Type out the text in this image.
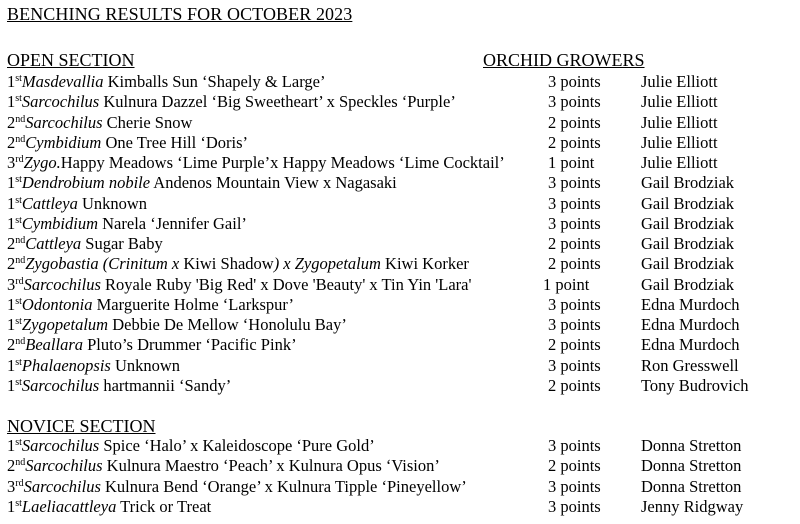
BENCHING RESULTS FOR OCTOBER 2023
OPEN SECTION	ORCHID GROWERS
1stMasdevallia Kimballs Sun ‘Shapely & Large’	3 points Julie Elliott
1stSarcochilus Kulnura Dazzel ‘Big Sweetheart’ x Speckles ‘Purple’	3 points Julie Elliott
2ndSarcochilus Cherie Snow	2 points Julie Elliott
2ndCymbidium One Tree Hill ‘Doris’	2 points Julie Elliott
3rdZygo.Happy Meadows ‘Lime Purple’x Happy Meadows ‘Lime Cocktail’	1 point	Julie Elliott
1stDendrobium nobile Andenos Mountain View x Nagasaki	3 points Gail Brodziak
1stCattleya Unknown	3 points Gail Brodziak
1stCymbidium Narela ‘Jennifer Gail’	3 points Gail Brodziak
2ndCattleya Sugar Baby	2 points Gail Brodziak
2ndZygobastia (Crinitum x Kiwi Shadow) x Zygopetalum Kiwi Korker	2 points Gail Brodziak
3rdSarcochilus Royale Ruby 'Big Red' x Dove 'Beauty' x Tin Yin 'Lara'	1 point	Gail Brodziak
1stOdontonia Marguerite Holme ‘Larkspur’	3 points Edna Murdoch
1stZygopetalum Debbie De Mellow ‘Honolulu Bay’	3 points Edna Murdoch
2ndBeallara Pluto’s Drummer ‘Pacific Pink’	2 points Edna Murdoch
1stPhalaenopsis Unknown	3 points Ron Gresswell
1stSarcochilus hartmannii ‘Sandy’	2 points Tony Budrovich
NOVICE SECTION
1stSarcochilus Spice ‘Halo’ x Kaleidoscope ‘Pure Gold’	3 points Donna Stretton
2ndSarcochilus Kulnura Maestro ‘Peach’ x Kulnura Opus ‘Vision’	2 points Donna Stretton
3rdSarcochilus Kulnura Bend ‘Orange’ x Kulnura Tipple ‘Pineyellow’	3 points Donna Stretton
1stLaeliacattleya Trick or Treat	3 points Jenny Ridgway
